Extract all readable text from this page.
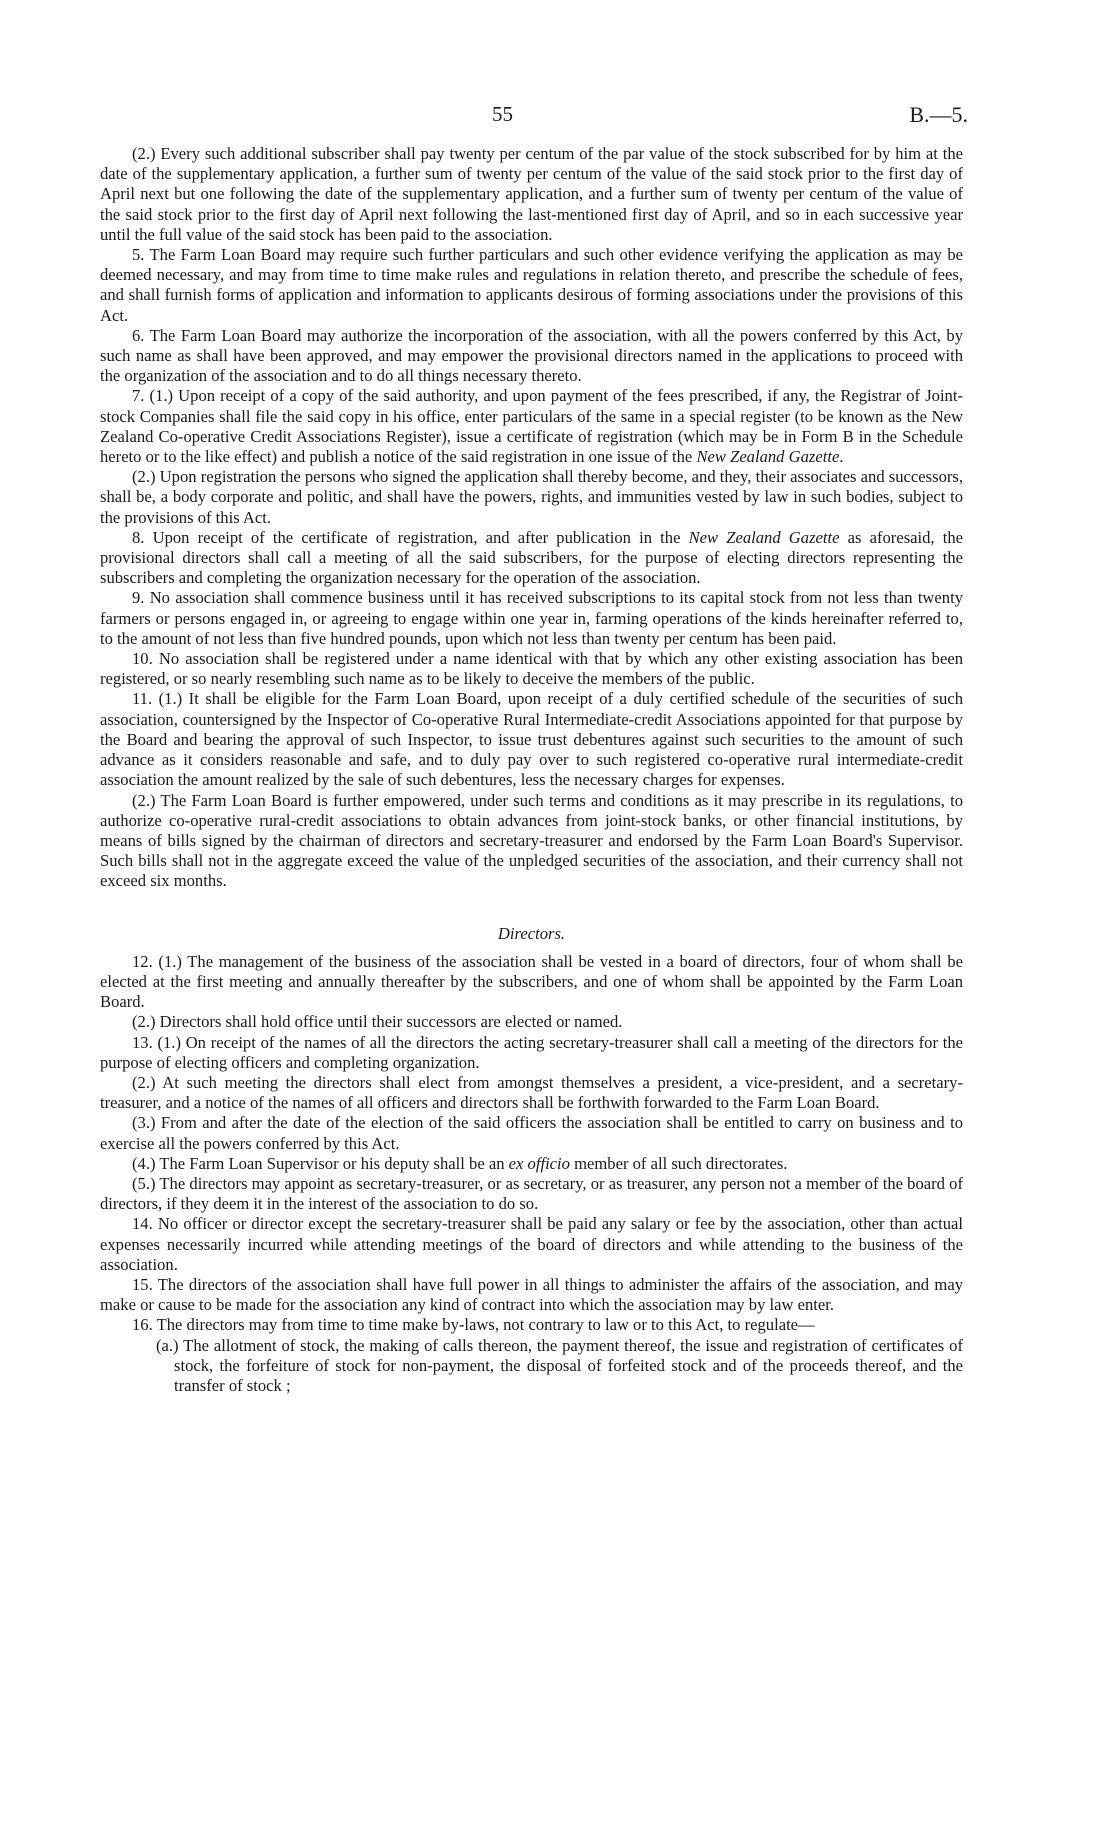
55	B.—5.

(2.) Every such additional subscriber shall pay twenty per centum of the par value of the stock subscribed for by him at the date of the supplementary application, a further sum of twenty per centum of the value of the said stock prior to the first day of April next but one following the date of the supplementary application, and a further sum of twenty per centum of the value of the said stock prior to the first day of April next following the last-mentioned first day of April, and so in each successive year until the full value of the said stock has been paid to the association.

5. The Farm Loan Board may require such further particulars and such other evidence verifying the application as may be deemed necessary, and may from time to time make rules and regulations in relation thereto, and prescribe the schedule of fees, and shall furnish forms of application and information to applicants desirous of forming associations under the provisions of this Act.

6. The Farm Loan Board may authorize the incorporation of the association, with all the powers conferred by this Act, by such name as shall have been approved, and may empower the provisional directors named in the applications to proceed with the organization of the association and to do all things necessary thereto.

7. (1.) Upon receipt of a copy of the said authority, and upon payment of the fees prescribed, if any, the Registrar of Joint-stock Companies shall file the said copy in his office, enter particulars of the same in a special register (to be known as the New Zealand Co-operative Credit Associations Register), issue a certificate of registration (which may be in Form B in the Schedule hereto or to the like effect) and publish a notice of the said registration in one issue of the New Zealand Gazette.

(2.) Upon registration the persons who signed the application shall thereby become, and they, their associates and successors, shall be, a body corporate and politic, and shall have the powers, rights, and immunities vested by law in such bodies, subject to the provisions of this Act.

8. Upon receipt of the certificate of registration, and after publication in the New Zealand Gazette as aforesaid, the provisional directors shall call a meeting of all the said subscribers, for the purpose of electing directors representing the subscribers and completing the organization necessary for the operation of the association.

9. No association shall commence business until it has received subscriptions to its capital stock from not less than twenty farmers or persons engaged in, or agreeing to engage within one year in, farming operations of the kinds hereinafter referred to, to the amount of not less than five hundred pounds, upon which not less than twenty per centum has been paid.

10. No association shall be registered under a name identical with that by which any other existing association has been registered, or so nearly resembling such name as to be likely to deceive the members of the public.

11. (1.) It shall be eligible for the Farm Loan Board, upon receipt of a duly certified schedule of the securities of such association, countersigned by the Inspector of Co-operative Rural Intermediate-credit Associations appointed for that purpose by the Board and bearing the approval of such Inspector, to issue trust debentures against such securities to the amount of such advance as it considers reasonable and safe, and to duly pay over to such registered co-operative rural intermediate-credit association the amount realized by the sale of such debentures, less the necessary charges for expenses.

(2.) The Farm Loan Board is further empowered, under such terms and conditions as it may prescribe in its regulations, to authorize co-operative rural-credit associations to obtain advances from joint-stock banks, or other financial institutions, by means of bills signed by the chairman of directors and secretary-treasurer and endorsed by the Farm Loan Board's Supervisor. Such bills shall not in the aggregate exceed the value of the unpledged securities of the association, and their currency shall not exceed six months.

Directors.

12. (1.) The management of the business of the association shall be vested in a board of directors, four of whom shall be elected at the first meeting and annually thereafter by the subscribers, and one of whom shall be appointed by the Farm Loan Board.

(2.) Directors shall hold office until their successors are elected or named.

13. (1.) On receipt of the names of all the directors the acting secretary-treasurer shall call a meeting of the directors for the purpose of electing officers and completing organization.

(2.) At such meeting the directors shall elect from amongst themselves a president, a vice-president, and a secretary-treasurer, and a notice of the names of all officers and directors shall be forthwith forwarded to the Farm Loan Board.

(3.) From and after the date of the election of the said officers the association shall be entitled to carry on business and to exercise all the powers conferred by this Act.

(4.) The Farm Loan Supervisor or his deputy shall be an ex officio member of all such directorates.

(5.) The directors may appoint as secretary-treasurer, or as secretary, or as treasurer, any person not a member of the board of directors, if they deem it in the interest of the association to do so.

14. No officer or director except the secretary-treasurer shall be paid any salary or fee by the association, other than actual expenses necessarily incurred while attending meetings of the board of directors and while attending to the business of the association.

15. The directors of the association shall have full power in all things to administer the affairs of the association, and may make or cause to be made for the association any kind of contract into which the association may by law enter.

16. The directors may from time to time make by-laws, not contrary to law or to this Act, to regulate—

(a.) The allotment of stock, the making of calls thereon, the payment thereof, the issue and registration of certificates of stock, the forfeiture of stock for non-payment, the disposal of forfeited stock and of the proceeds thereof, and the transfer of stock ;
